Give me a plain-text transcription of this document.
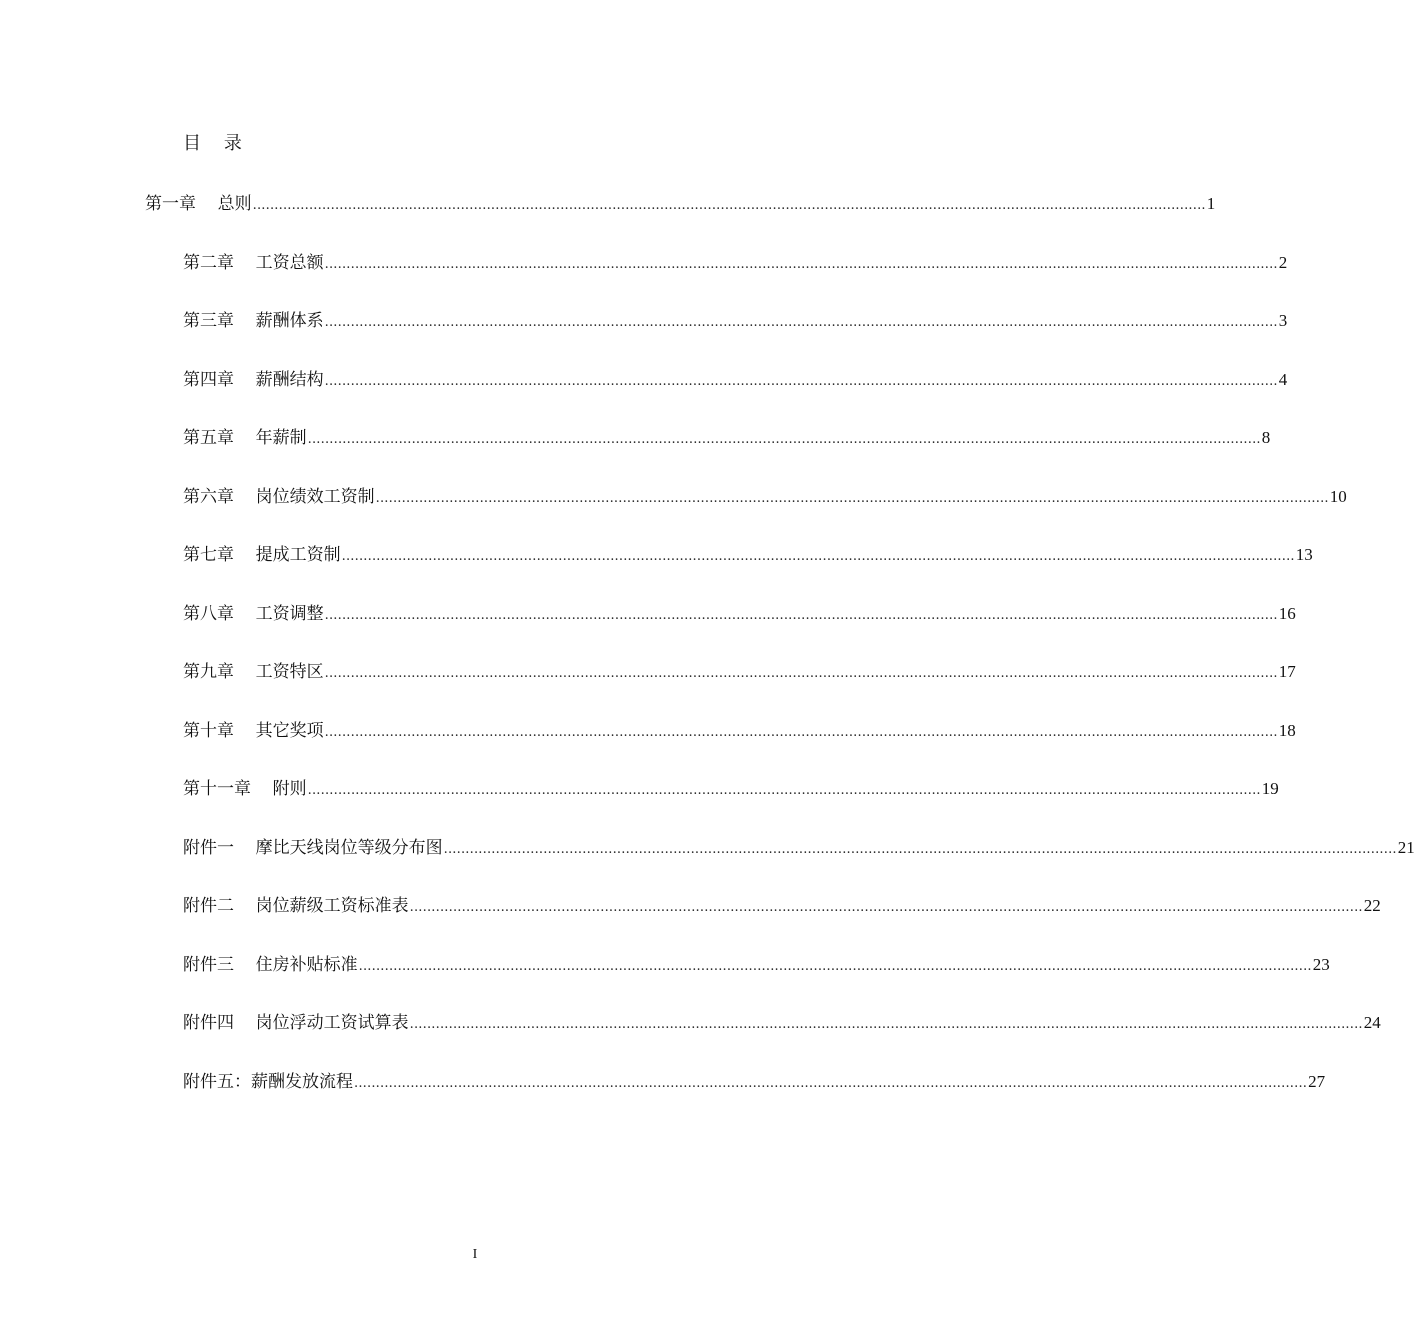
目    录
第一章    总则 ............................................................................................................................................................................................................................ 1
第二章    工资总额 ............................................................................................................................................................................................................................ 2
第三章    薪酬体系 ............................................................................................................................................................................................................................ 3
第四章    薪酬结构 ............................................................................................................................................................................................................................ 4
第五章    年薪制 ............................................................................................................................................................................................................................ 8
第六章    岗位绩效工资制 ............................................................................................................................................................................................................................ 10
第七章    提成工资制 ............................................................................................................................................................................................................................ 13
第八章    工资调整 ............................................................................................................................................................................................................................ 16
第九章    工资特区 ............................................................................................................................................................................................................................ 17
第十章    其它奖项 ............................................................................................................................................................................................................................ 18
第十一章    附则 ............................................................................................................................................................................................................................ 19
附件一    摩比天线岗位等级分布图 ............................................................................................................................................................................................................................ 21
附件二    岗位薪级工资标准表 ............................................................................................................................................................................................................................ 22
附件三    住房补贴标准 ............................................................................................................................................................................................................................ 23
附件四    岗位浮动工资试算表 ............................................................................................................................................................................................................................ 24
附件五：薪酬发放流程 ............................................................................................................................................................................................................................ 27
I
